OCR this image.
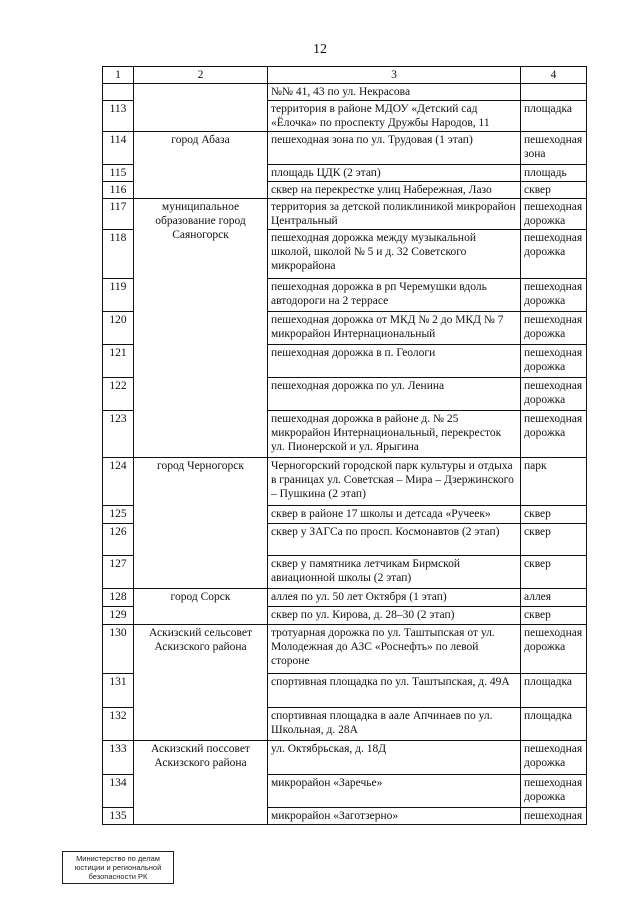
12
1	2	3	4
		№№ 41, 43 по ул. Некрасова	
113		территория в районе МДОУ «Детский сад «Ёлочка» по проспекту Дружбы Народов, 11	площадка
114	город Абаза	пешеходная зона по ул. Трудовая (1 этап)	пешеходная зона
115		площадь ЦДК (2 этап)	площадь
116		сквер на перекрестке улиц Набережная, Лазо	сквер
117	муниципальное образование город Саяногорск	территория за детской поликлиникой микрорайон Центральный	пешеходная дорожка
118		пешеходная дорожка между музыкальной школой, школой № 5 и д. 32 Советского микрорайона	пешеходная дорожка
119		пешеходная дорожка в рп Черемушки вдоль автодороги на 2 террасе	пешеходная дорожка
120		пешеходная дорожка от МКД № 2 до МКД № 7 микрорайон Интернациональный	пешеходная дорожка
121		пешеходная дорожка в п. Геологи	пешеходная дорожка
122		пешеходная дорожка по ул. Ленина	пешеходная дорожка
123		пешеходная дорожка в районе д. № 25 микрорайон Интернациональный, перекресток ул. Пионерской и ул. Ярыгина	пешеходная дорожка
124	город Черногорск	Черногорский городской парк культуры и отдыха в границах ул. Советская – Мира – Дзержинского – Пушкина (2 этап)	парк
125		сквер в районе 17 школы и детсада «Ручеек»	сквер
126		сквер у ЗАГСа по просп. Космонавтов (2 этап)	сквер
127		сквер у памятника летчикам Бирмской авиационной школы (2 этап)	сквер
128	город Сорск	аллея по ул. 50 лет Октября (1 этап)	аллея
129		сквер по ул. Кирова, д. 28–30 (2 этап)	сквер
130	Аскизский сельсовет Аскизского района	тротуарная дорожка по ул. Таштыпская от ул. Молодежная до АЗС «Роснефть» по левой стороне	пешеходная дорожка
131		спортивная площадка по ул. Таштыпская, д. 49А	площадка
132		спортивная площадка в аале Апчинаев по ул. Школьная, д. 28А	площадка
133	Аскизский поссовет Аскизского района	ул. Октябрьская, д. 18Д	пешеходная дорожка
134		микрорайон «Заречье»	пешеходная дорожка
135		микрорайон «Заготзерно»	пешеходная
Министерство по делам
юстиции и региональной
безопасности РК
